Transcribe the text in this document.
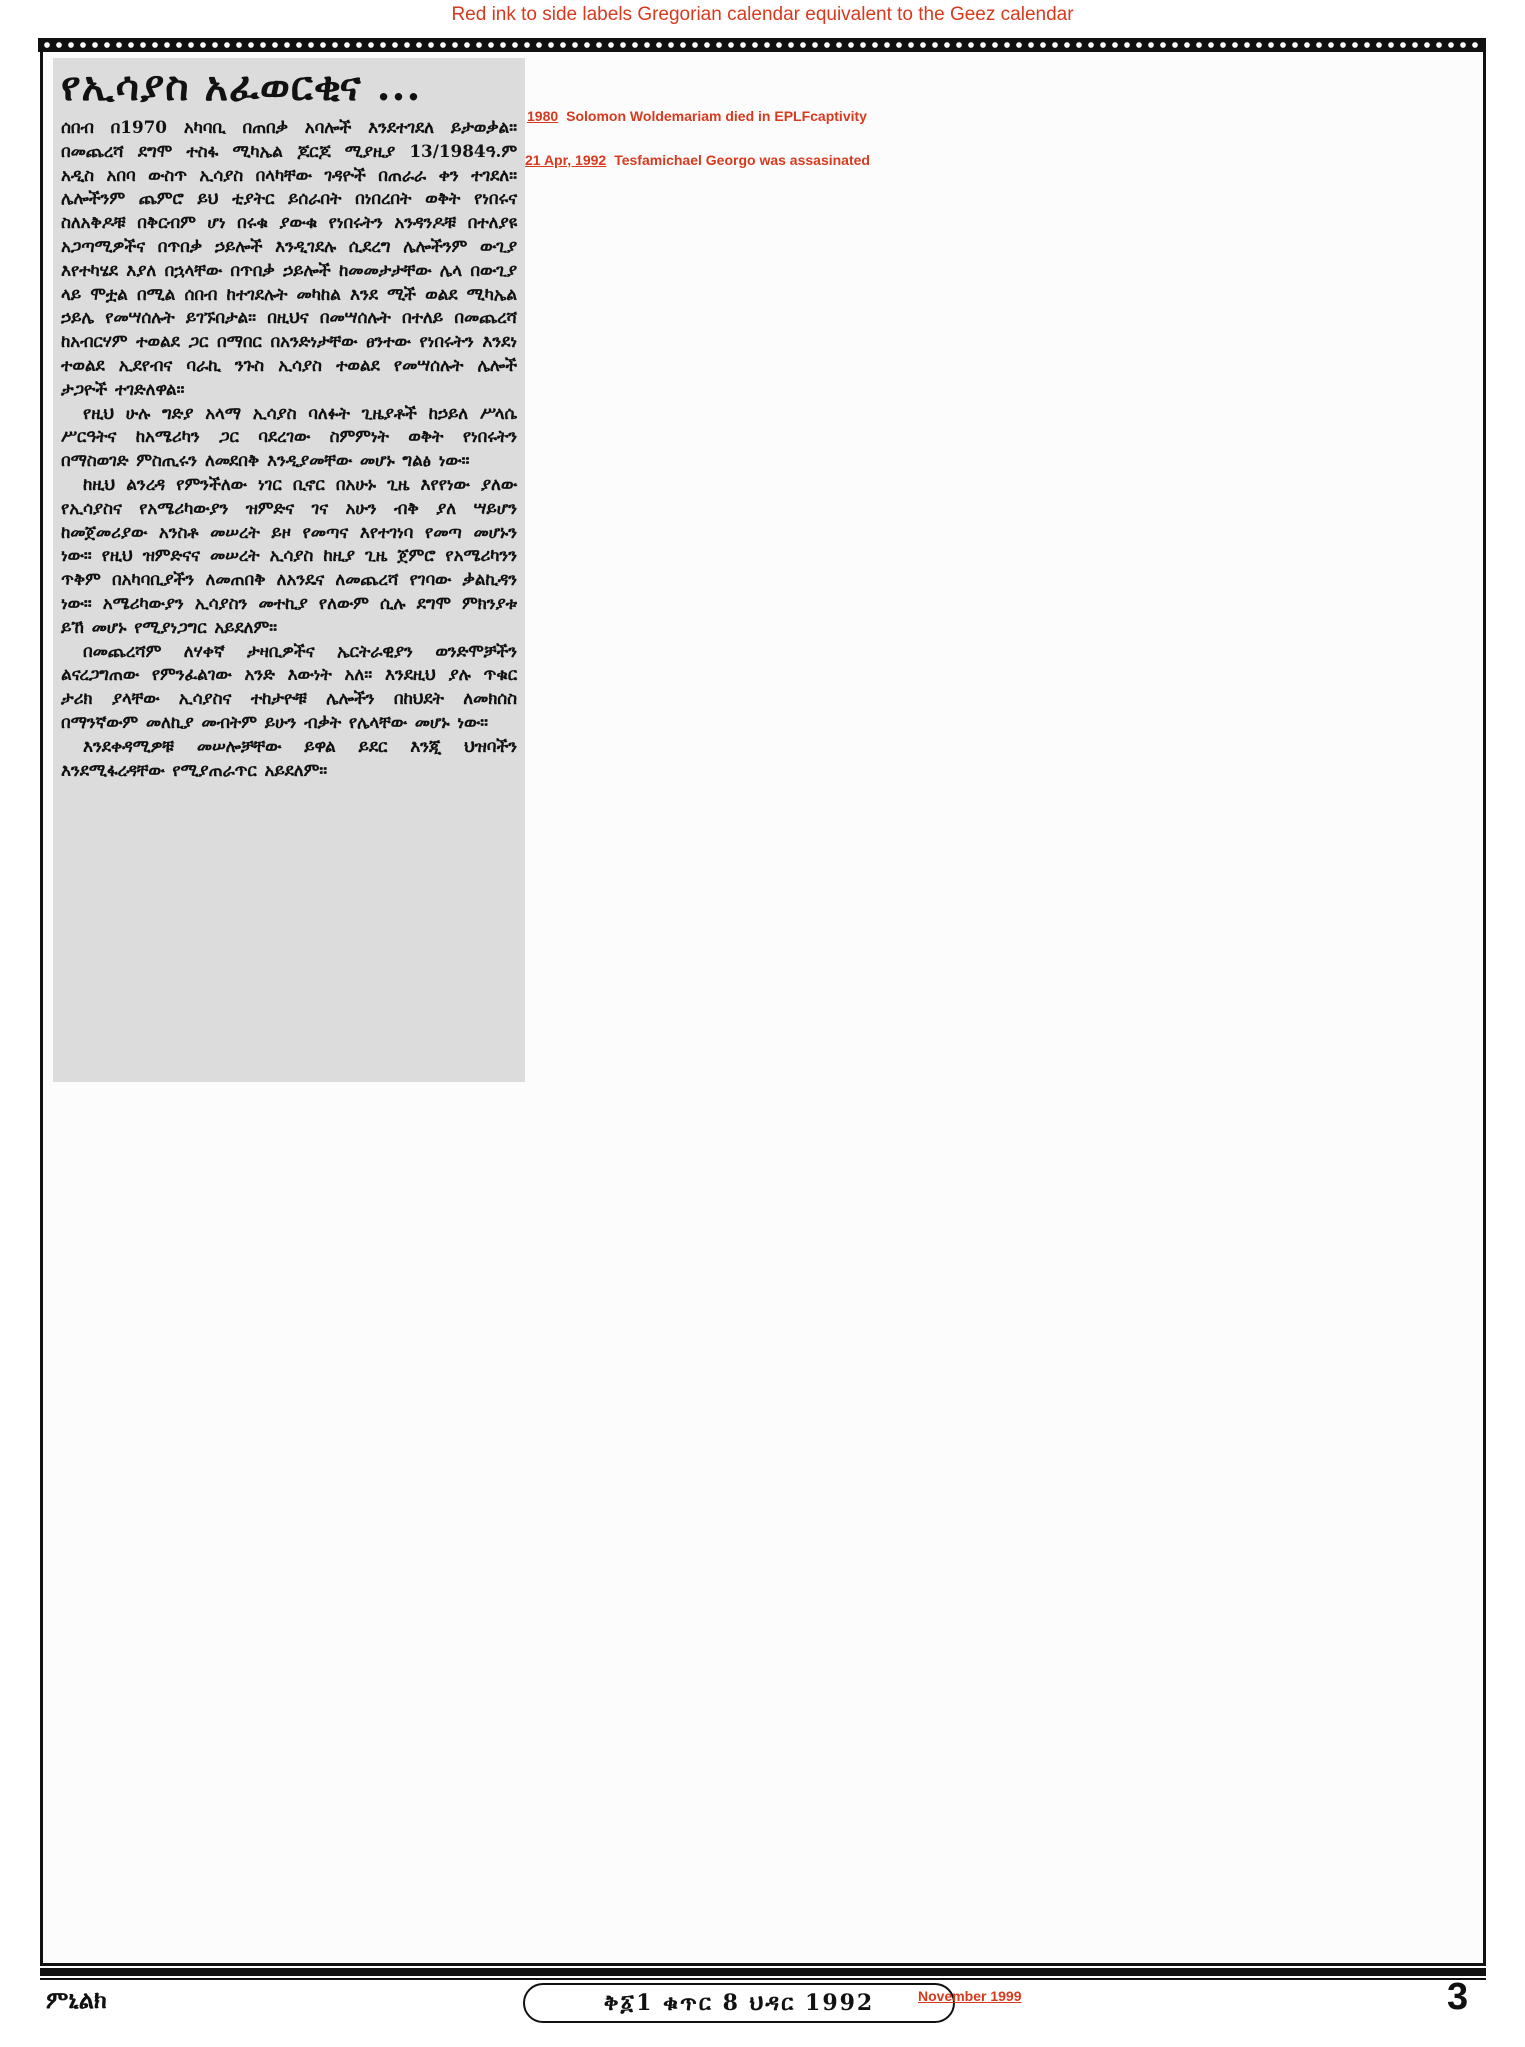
Red ink to side labels Gregorian calendar equivalent to the Geez calendar
የኢሳያስ አፈወርቂና ...

ሰበብ በ1970 አካባቢ በጠበቃ አባሎች እንደተገደለ ይታወቃል። በመጨረሻ ደግሞ ተስፋ ሚካኤል ጆርጆ ሚያዚያ 13/1984ዓ.ም አዲስ አበባ ውስጥ ኢሳያስ በላካቸው ገዳዮች በጠራራ ቀን ተገደለ። ሌሎችንም ጨምሮ ይህ ቲያትር ይሰራበት በነበረበት ወቅት የነበሩና ስለአቅዶቹ በቅርብም ሆነ በሩቁ ያውቁ የነበሩትን አንዳንዶቹ በተለያዩ አጋጣሚዎችና በጥበቃ ኃይሎች እንዲገደሉ ሲደረግ ሌሎችንም ውጊያ እየተካሄደ እያለ በኋላቸው በጥበቃ ኃይሎች ከመመታታቸው ሌላ በውጊያ ላይ ሞቷል በሚል ሰበብ ከተገደሉት መካከል እንደ ሚች ወልደ ሚካኤል ኃይሌ የመሣሰሉት ይገኙበታል። በዚህና በመሣሰሉት በተለይ በመጨረሻ ከአብርሃም ተወልደ ጋር በማበር በአንድነታቸው ፀንተው የነበሩትን እንደነ ተወልደ ኢደየብና ባራኪ ንጉስ ኢሳያስ ተወልደ የመሣሰሉት ሌሎች ታጋዮች ተገድለዋል።

የዚህ ሁሉ ግድያ አላማ ኢሳያስ ባለፉት ጊዜያቶች ከኃይለ ሥላሴ ሥርዓትና ከአሜሪካን ጋር ባደረገው ስምምነት ወቅት የነበሩትን በማስወገድ ምስጢሩን ለመደበቅ እንዲያመቸው መሆኑ ግልፅ ነው።

ከዚህ ልንረዳ የምንችለው ነገር ቢኖር በአሁኑ ጊዜ እየየነው ያለው የኢሳያስና የአሜሪካውያን ዝምድና ገና አሁን ብቅ ያለ ሣይሆን ከመጀመሪያው አንስቶ መሠረት ይዞ የመጣና እየተገነባ የመጣ መሆኑን ነው። የዚህ ዝምድናና መሠረት ኢሳያስ ከዚያ ጊዜ ጀምሮ የአሜሪካንን ጥቅም በአካባቢያችን ለመጠበቅ ለአንዴና ለመጨረሻ የገባው ቃልኪዳን ነው። አሜሪካውያን ኢሳያስን መተኪያ የለውም ሲሉ ደግሞ ምክንያቱ ይኸ መሆኑ የሚያነጋግር አይደለም።

በመጨረሻም ለሃቀኛ ታዛቢዎችና ኤርትራዊያን ወንድሞቻችን ልናረጋግጠው የምንፈልገው አንድ እውነት አለ። እንደዚህ ያሉ ጥቁር ታሪክ ያላቸው ኢሳያስና ተከታዮቹ ሌሎችን በከህደት ለመክሰስ በማንኛውም መለኪያ መብትም ይሁን ብቃት የሌላቸው መሆኑ ነው።

እንደቀዳሚዎቹ መሠሎቻቸው ይዋል ይደር እንጂ ህዝባችን እንደሚፋረዳቸው የሚያጠራጥር አይደለም።

1980 Solomon Woldemariam died in EPLFcaptivity
21 Apr, 1992 Tesfamichael Georgo was assasinated
ምኒልክ	ቅ፩1 ቁጥር 8 ህዳር 1992	November 1999	3
